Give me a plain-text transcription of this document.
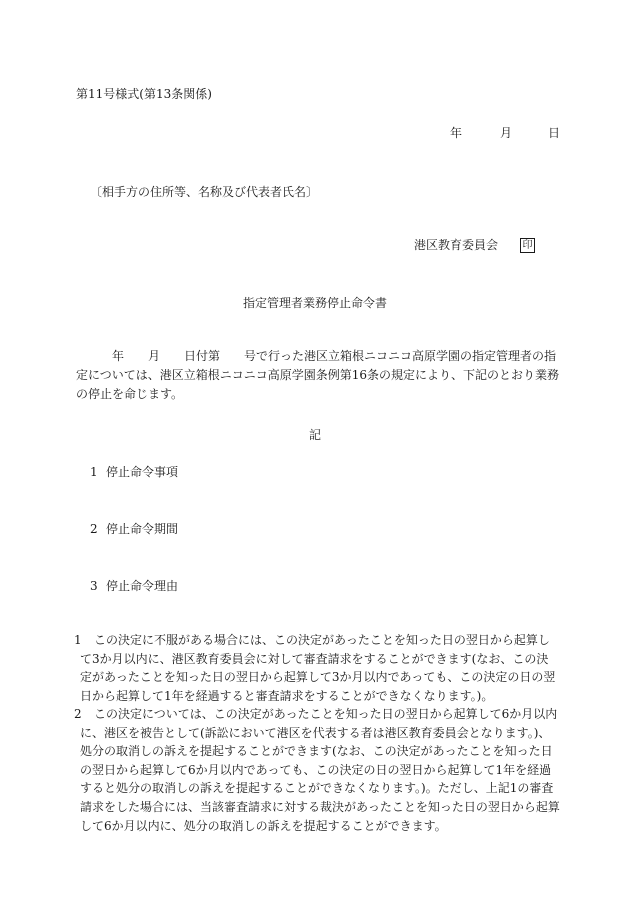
第11号様式(第13条関係)
年	月	日
〔相手方の住所等、名称及び代表者氏名〕
港区教育委員会 印
指定管理者業務停止命令書
年　　月　　日付第　　号で行った港区立箱根ニコニコ高原学園の指定管理者の指定については、港区立箱根ニコニコ高原学園条例第16条の規定により、下記のとおり業務の停止を命じます。
記
1 停止命令事項
2 停止命令期間
3 停止命令理由
1	この決定に不服がある場合には、この決定があったことを知った日の翌日から起算して3か月以内に、港区教育委員会に対して審査請求をすることができます(なお、この決定があったことを知った日の翌日から起算して3か月以内であっても、この決定の日の翌日から起算して1年を経過すると審査請求をすることができなくなります。)。
2	この決定については、この決定があったことを知った日の翌日から起算して6か月以内に、港区を被告として(訴訟において港区を代表する者は港区教育委員会となります。)、処分の取消しの訴えを提起することができます(なお、この決定があったことを知った日の翌日から起算して6か月以内であっても、この決定の日の翌日から起算して1年を経過すると処分の取消しの訴えを提起することができなくなります。)。ただし、上記1の審査請求をした場合には、当該審査請求に対する裁決があったことを知った日の翌日から起算して6か月以内に、処分の取消しの訴えを提起することができます。
